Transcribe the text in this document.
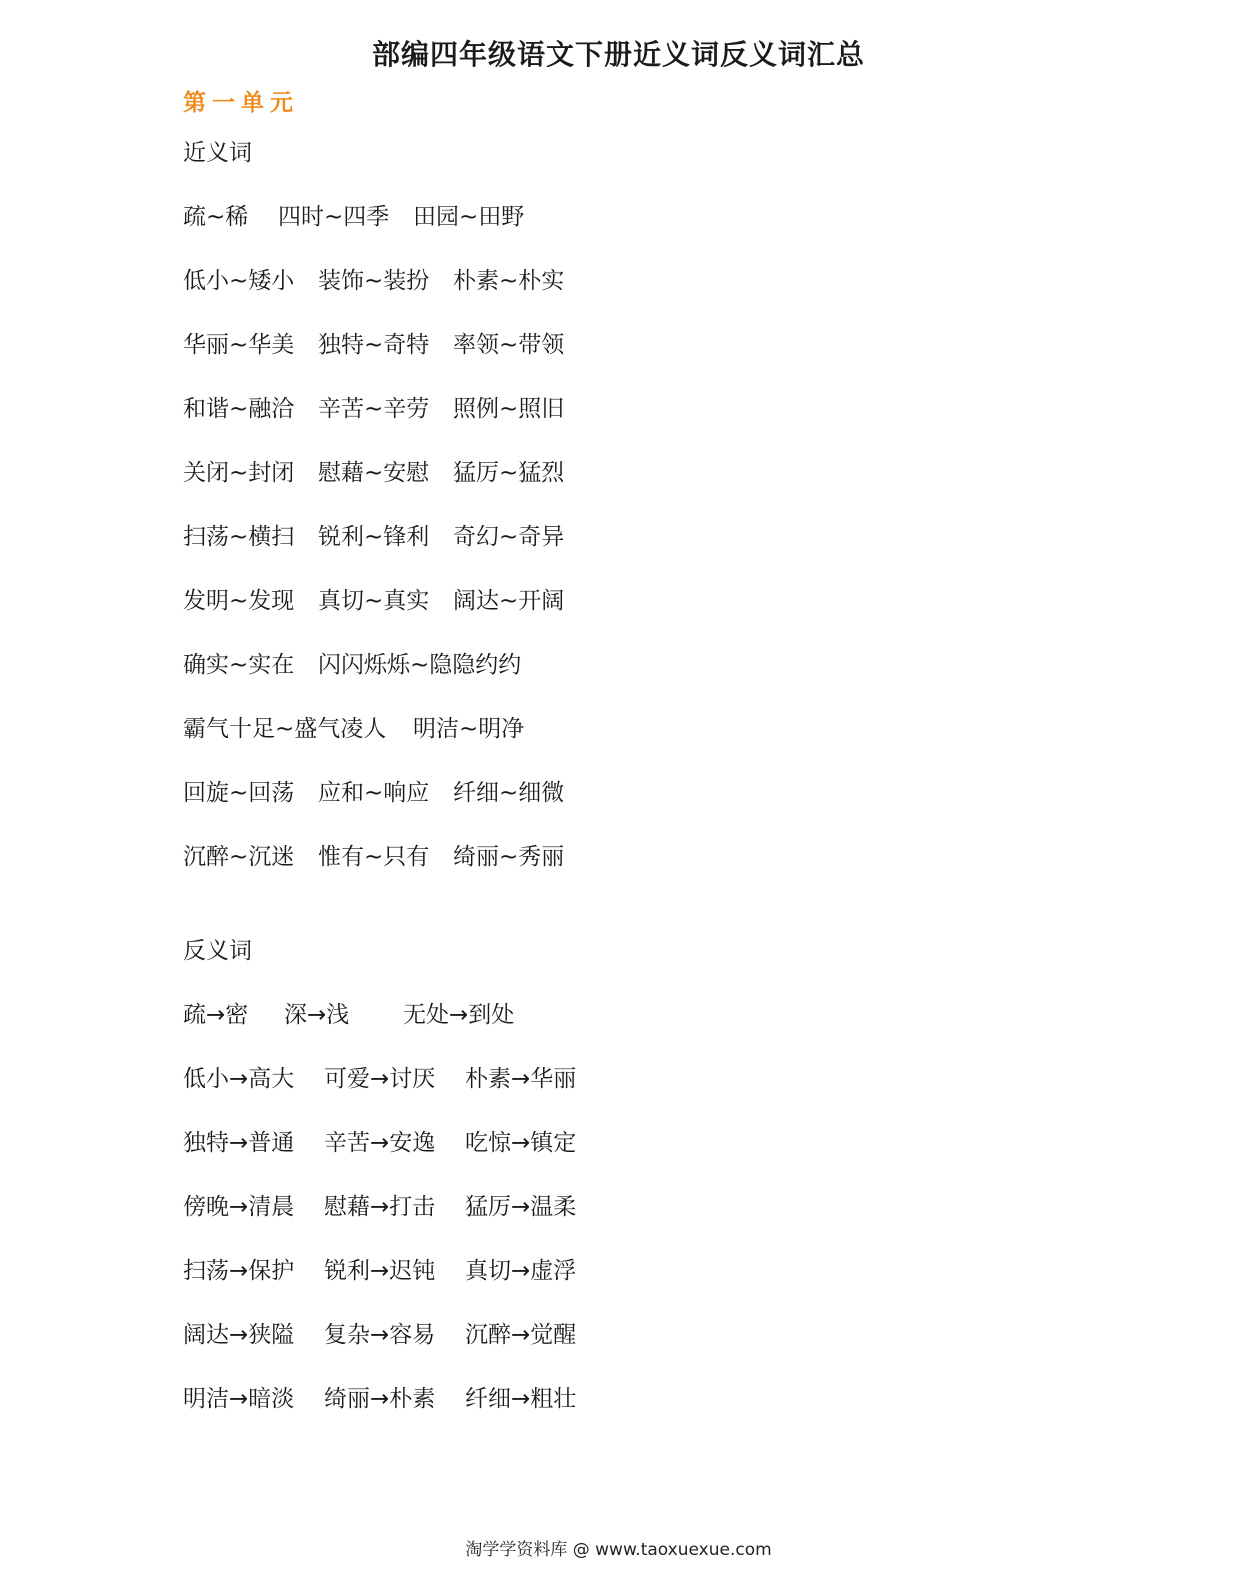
部编四年级语文下册近义词反义词汇总
第一单元
近义词
疏~稀 四时~四季 田园~田野
低小~矮小 装饰~装扮 朴素~朴实
华丽~华美 独特~奇特 率领~带领
和谐~融洽 辛苦~辛劳 照例~照旧
关闭~封闭 慰藉~安慰 猛厉~猛烈
扫荡~横扫 锐利~锋利 奇幻~奇异
发明~发现 真切~真实 阔达~开阔
确实~实在 闪闪烁烁~隐隐约约
霸气十足~盛气凌人 明洁~明净
回旋~回荡 应和~响应 纤细~细微
沉醉~沉迷 惟有~只有 绮丽~秀丽
反义词
疏→密 深→浅 无处→到处
低小→高大 可爱→讨厌 朴素→华丽
独特→普通 辛苦→安逸 吃惊→镇定
傍晚→清晨 慰藉→打击 猛厉→温柔
扫荡→保护 锐利→迟钝 真切→虚浮
阔达→狭隘 复杂→容易 沉醉→觉醒
明洁→暗淡 绮丽→朴素 纤细→粗壮
淘学学资料库 @ www.taoxuexue.com
